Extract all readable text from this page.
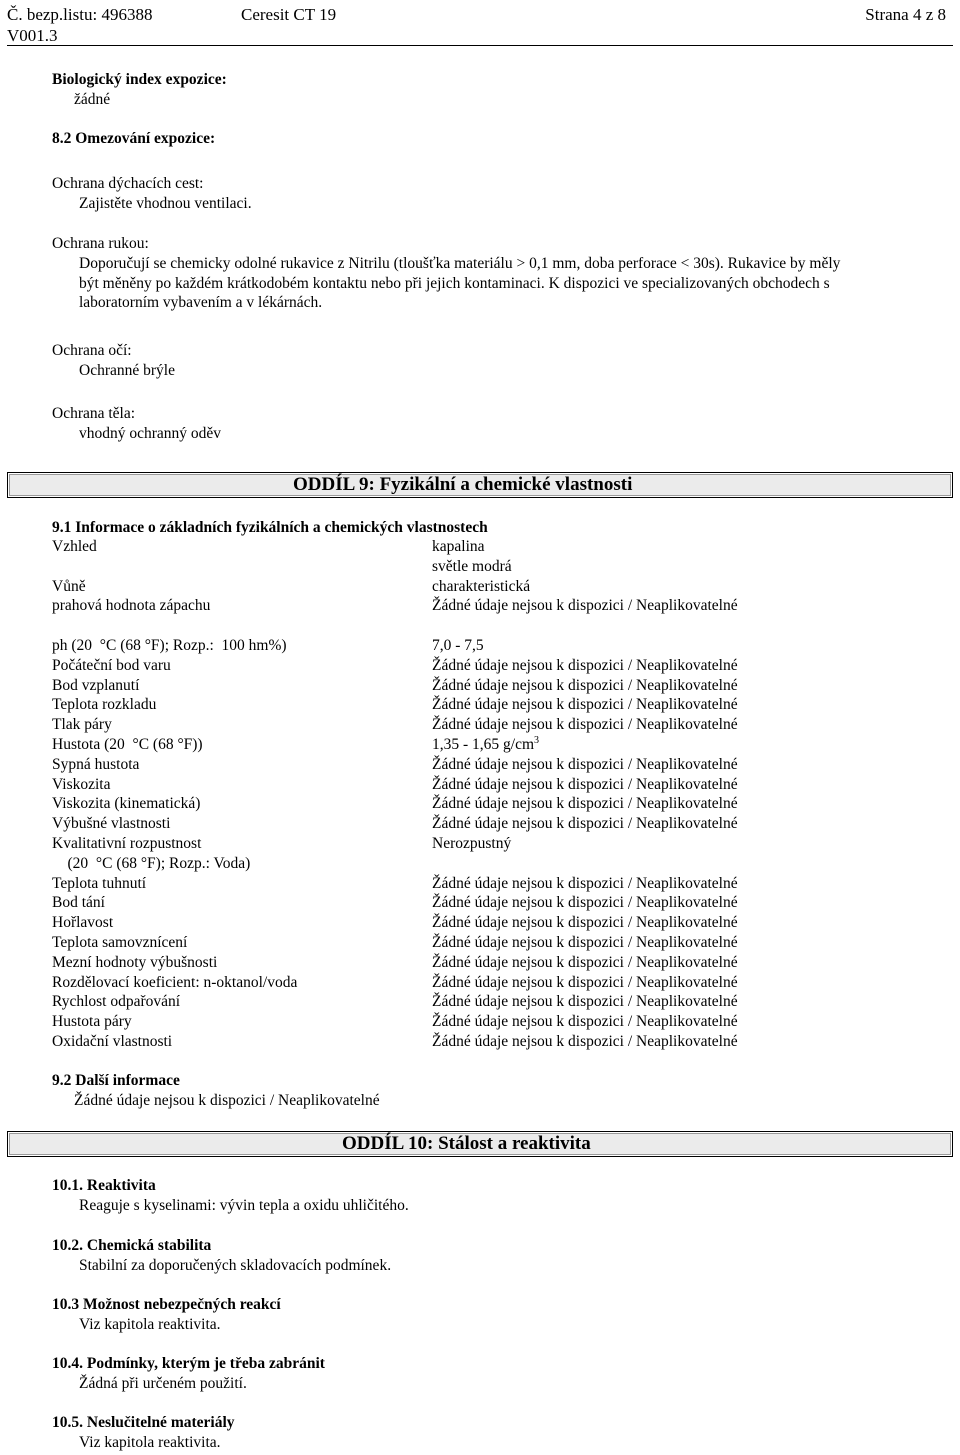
Č. bezp.listu: 496388
V001.3
Ceresit CT 19	Strana 4 z 8
Biologický index expozice:
žádné
8.2 Omezování expozice:
Ochrana dýchacích cest:
Zajistěte vhodnou ventilaci.
Ochrana rukou:
Doporučují se chemicky odolné rukavice z Nitrilu (tloušťka materiálu > 0,1 mm, doba perforace < 30s). Rukavice by měly
být měněny po každém krátkodobém kontaktu nebo při jejich kontaminaci. K dispozici ve specializovaných obchodech s
laboratorním vybavením a v lékárnách.
Ochrana očí:
Ochranné brýle
Ochrana těla:
vhodný ochranný oděv
ODDÍL 9: Fyzikální a chemické vlastnosti
9.1 Informace o základních fyzikálních a chemických vlastnostech
Vzhled	kapalina
světle modrá
Vůně	charakteristická
prahová hodnota zápachu	Žádné údaje nejsou k dispozici / Neaplikovatelné
ph (20  °C (68 °F); Rozp.:  100 hm%)	7,0 - 7,5
Počáteční bod varu	Žádné údaje nejsou k dispozici / Neaplikovatelné
Bod vzplanutí	Žádné údaje nejsou k dispozici / Neaplikovatelné
Teplota rozkladu	Žádné údaje nejsou k dispozici / Neaplikovatelné
Tlak páry	Žádné údaje nejsou k dispozici / Neaplikovatelné
Hustota (20  °C (68 °F))	1,35 - 1,65 $g/cm^3$
Sypná hustota	Žádné údaje nejsou k dispozici / Neaplikovatelné
Viskozita	Žádné údaje nejsou k dispozici / Neaplikovatelné
Viskozita (kinematická)	Žádné údaje nejsou k dispozici / Neaplikovatelné
Výbušné vlastnosti	Žádné údaje nejsou k dispozici / Neaplikovatelné
Kvalitativní rozpustnost	Nerozpustný
(20  °C (68 °F); Rozp.: Voda)
Teplota tuhnutí	Žádné údaje nejsou k dispozici / Neaplikovatelné
Bod tání	Žádné údaje nejsou k dispozici / Neaplikovatelné
Hořlavost	Žádné údaje nejsou k dispozici / Neaplikovatelné
Teplota samovznícení	Žádné údaje nejsou k dispozici / Neaplikovatelné
Mezní hodnoty výbušnosti	Žádné údaje nejsou k dispozici / Neaplikovatelné
Rozdělovací koeficient: n-oktanol/voda	Žádné údaje nejsou k dispozici / Neaplikovatelné
Rychlost odpařování	Žádné údaje nejsou k dispozici / Neaplikovatelné
Hustota páry	Žádné údaje nejsou k dispozici / Neaplikovatelné
Oxidační vlastnosti	Žádné údaje nejsou k dispozici / Neaplikovatelné
9.2 Další informace
Žádné údaje nejsou k dispozici / Neaplikovatelné
ODDÍL 10: Stálost a reaktivita
10.1. Reaktivita
Reaguje s kyselinami: vývin tepla a oxidu uhličitého.
10.2. Chemická stabilita
Stabilní za doporučených skladovacích podmínek.
10.3 Možnost nebezpečných reakcí
Viz kapitola reaktivita.
10.4. Podmínky, kterým je třeba zabránit
Žádná při určeném použití.
10.5. Neslučitelné materiály
Viz kapitola reaktivita.
